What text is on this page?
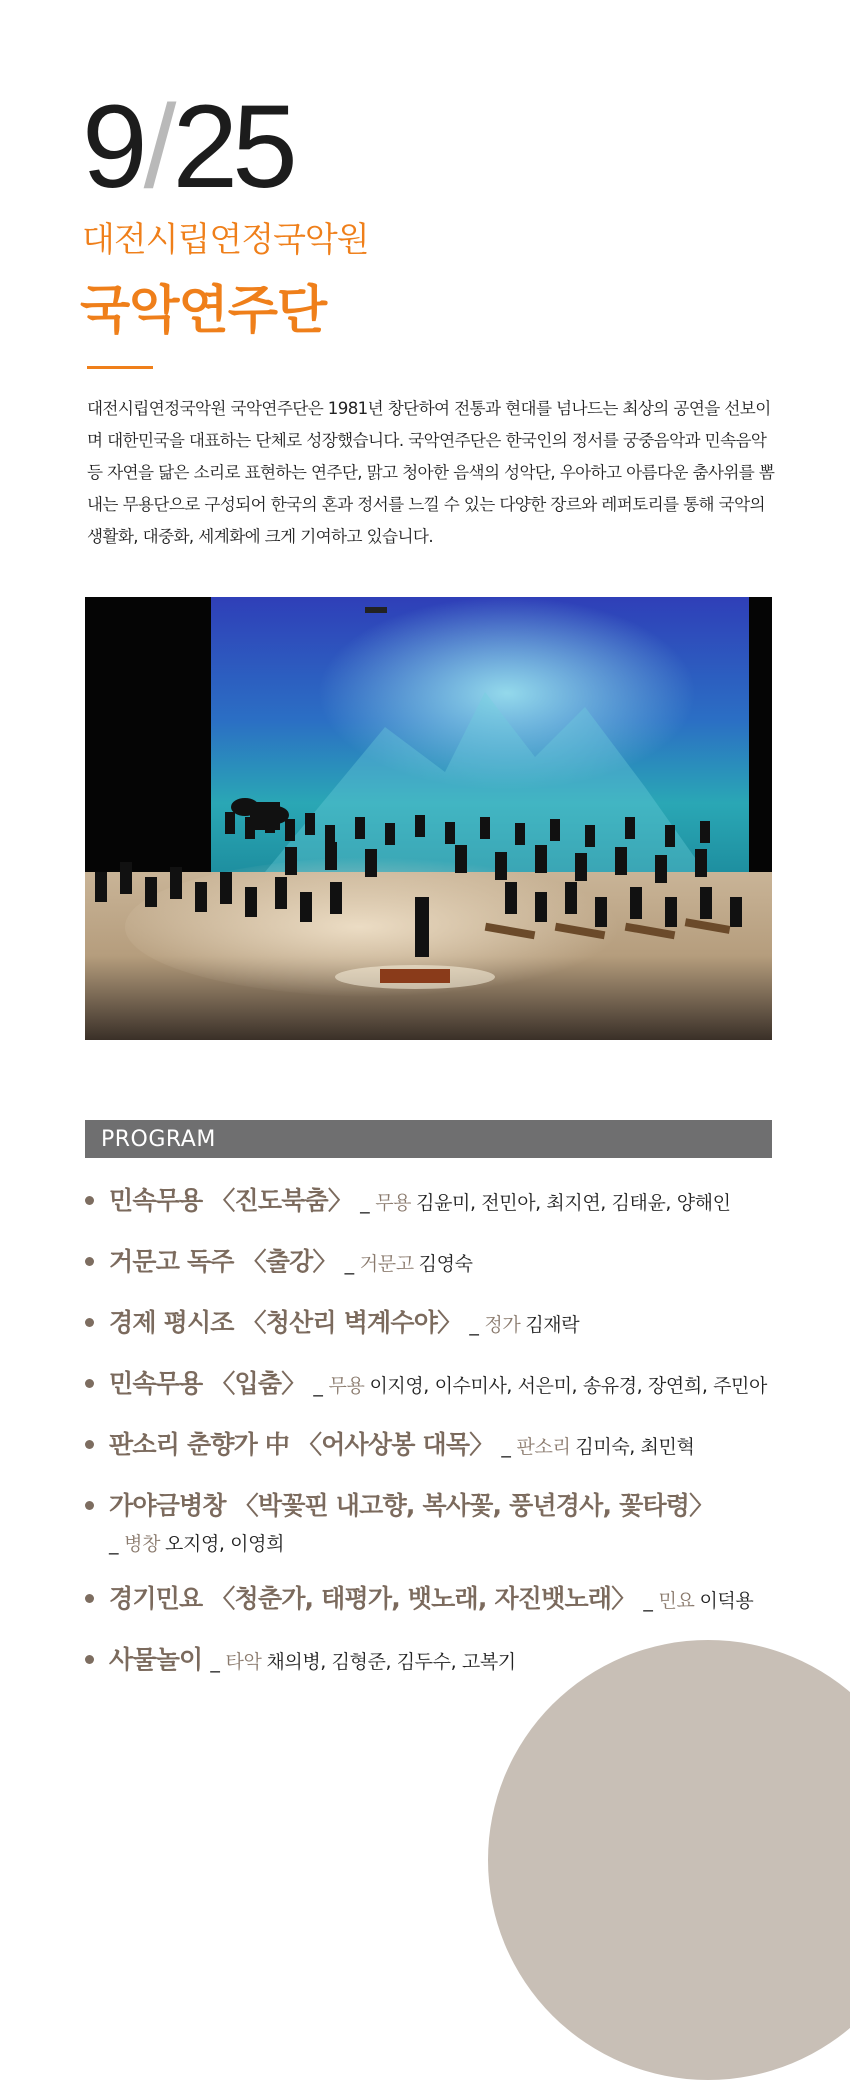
9/25
대전시립연정국악원
국악연주단
대전시립연정국악원 국악연주단은 1981년 창단하여 전통과 현대를 넘나드는 최상의 공연을 선보이며 대한민국을 대표하는 단체로 성장했습니다. 국악연주단은 한국인의 정서를 궁중음악과 민속음악 등 자연을 닮은 소리로 표현하는 연주단, 맑고 청아한 음색의 성악단, 우아하고 아름다운 춤사위를 뽐내는 무용단으로 구성되어 한국의 혼과 정서를 느낄 수 있는 다양한 장르와 레퍼토리를 통해 국악의 생활화, 대중화, 세계화에 크게 기여하고 있습니다.
PROGRAM
민속무용 〈진도북춤〉 _ 무용 김윤미, 전민아, 최지연, 김태윤, 양해인
거문고 독주 〈출강〉 _ 거문고 김영숙
경제 평시조 〈청산리 벽계수야〉 _ 정가 김재락
민속무용 〈입춤〉 _ 무용 이지영, 이수미사, 서은미, 송유경, 장연희, 주민아
판소리 춘향가 中 〈어사상봉 대목〉 _ 판소리 김미숙, 최민혁
가야금병창 〈박꽃핀 내고향, 복사꽃, 풍년경사, 꽃타령〉
_ 병창 오지영, 이영희
경기민요 〈청춘가, 태평가, 뱃노래, 자진뱃노래〉 _ 민요 이덕용
사물놀이 _ 타악 채의병, 김형준, 김두수, 고복기
